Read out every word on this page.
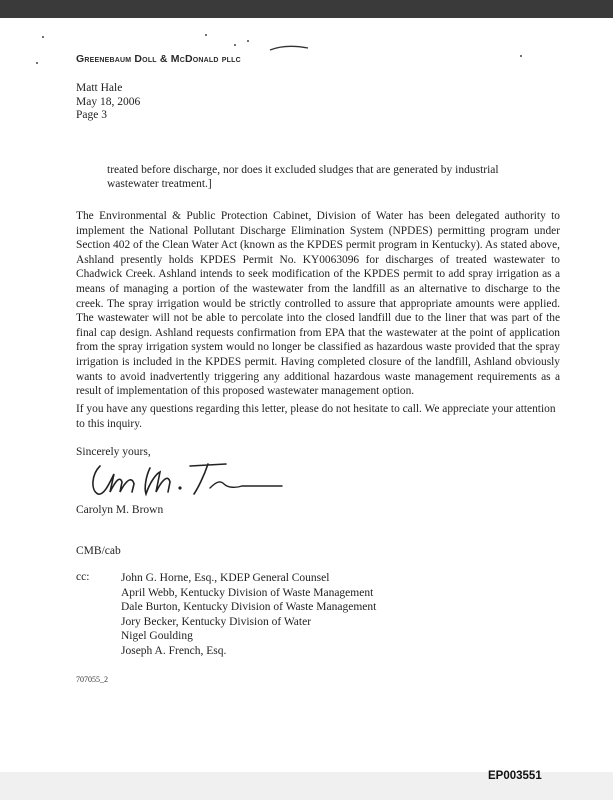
Greenebaum Doll & McDonald pllc
Matt Hale
May 18, 2006
Page 3
treated before discharge, nor does it excluded sludges that are generated by industrial wastewater treatment.]
The Environmental & Public Protection Cabinet, Division of Water has been delegated authority to implement the National Pollutant Discharge Elimination System (NPDES) permitting program under Section 402 of the Clean Water Act (known as the KPDES permit program in Kentucky). As stated above, Ashland presently holds KPDES Permit No. KY0063096 for discharges of treated wastewater to Chadwick Creek. Ashland intends to seek modification of the KPDES permit to add spray irrigation as a means of managing a portion of the wastewater from the landfill as an alternative to discharge to the creek. The spray irrigation would be strictly controlled to assure that appropriate amounts were applied. The wastewater will not be able to percolate into the closed landfill due to the liner that was part of the final cap design. Ashland requests confirmation from EPA that the wastewater at the point of application from the spray irrigation system would no longer be classified as hazardous waste provided that the spray irrigation is included in the KPDES permit. Having completed closure of the landfill, Ashland obviously wants to avoid inadvertently triggering any additional hazardous waste management requirements as a result of implementation of this proposed wastewater management option.
If you have any questions regarding this letter, please do not hesitate to call. We appreciate your attention to this inquiry.
Sincerely yours,
Carolyn M. Brown
CMB/cab
cc:	John G. Horne, Esq., KDEP General Counsel
April Webb, Kentucky Division of Waste Management
Dale Burton, Kentucky Division of Waste Management
Jory Becker, Kentucky Division of Water
Nigel Goulding
Joseph A. French, Esq.
707055_2
EP003551
